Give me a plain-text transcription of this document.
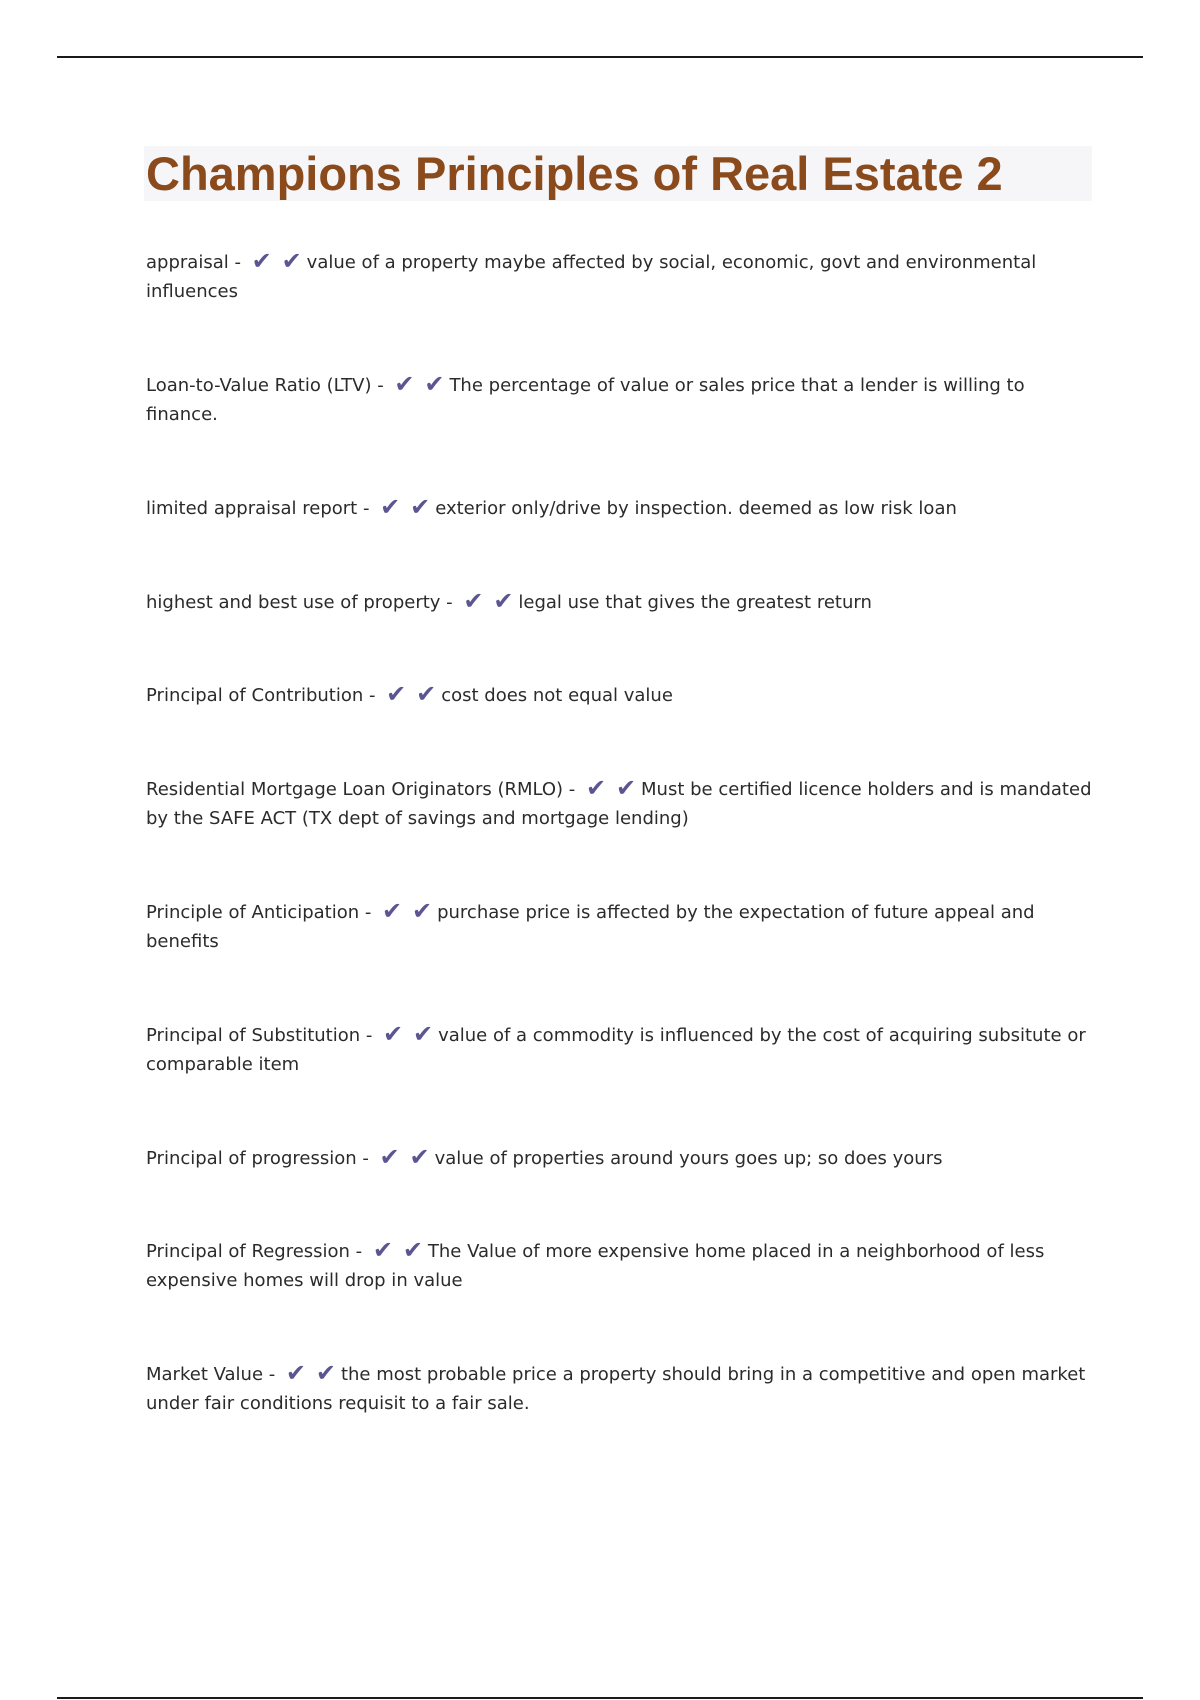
Champions Principles of Real Estate 2

appraisal - ✔ ✔ value of a property maybe affected by social, economic, govt and environmental influences

Loan-to-Value Ratio (LTV) - ✔ ✔ The percentage of value or sales price that a lender is willing to finance.

limited appraisal report - ✔ ✔ exterior only/drive by inspection. deemed as low risk loan

highest and best use of property - ✔ ✔ legal use that gives the greatest return

Principal of Contribution - ✔ ✔ cost does not equal value

Residential Mortgage Loan Originators (RMLO) - ✔ ✔ Must be certified licence holders and is mandated by the SAFE ACT (TX dept of savings and mortgage lending)

Principle of Anticipation - ✔ ✔ purchase price is affected by the expectation of future appeal and benefits

Principal of Substitution - ✔ ✔ value of a commodity is influenced by the cost of acquiring subsitute or comparable item

Principal of progression - ✔ ✔ value of properties around yours goes up; so does yours

Principal of Regression - ✔ ✔ The Value of more expensive home placed in a neighborhood of less expensive homes will drop in value

Market Value - ✔ ✔ the most probable price a property should bring in a competitive and open market under fair conditions requisit to a fair sale.
